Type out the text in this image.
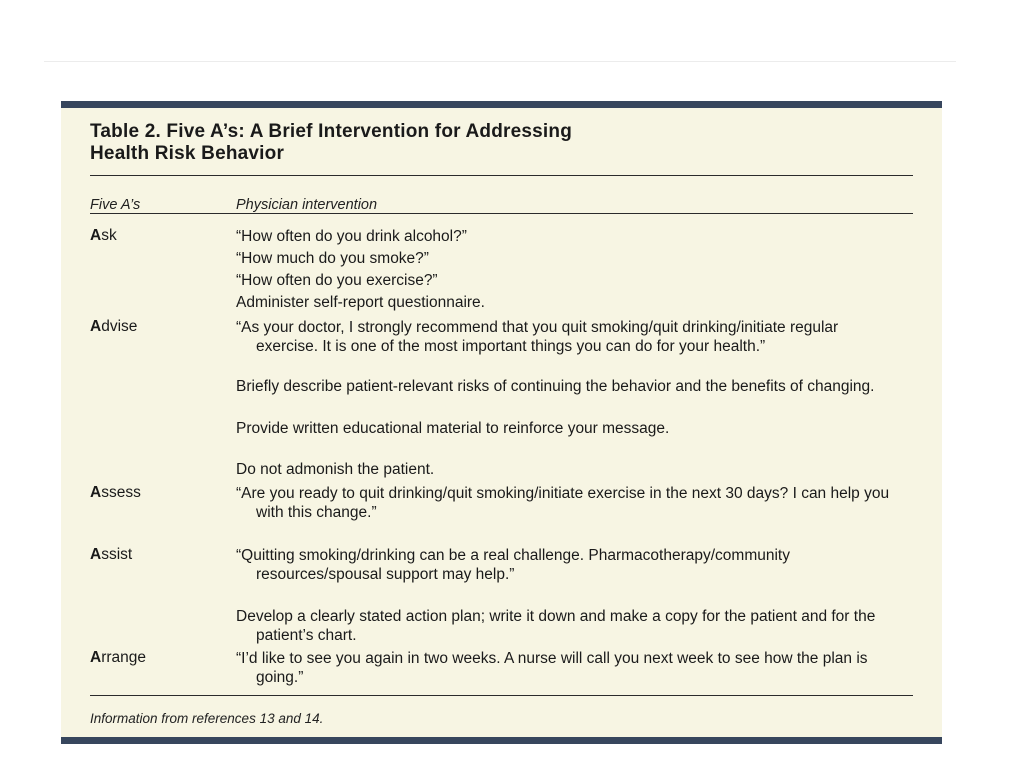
Table 2. Five A’s: A Brief Intervention for Addressing
Health Risk Behavior
Five A’s	Physician intervention
Ask	“How often do you drink alcohol?”
“How much do you smoke?”
“How often do you exercise?”
Administer self-report questionnaire.
Advise	“As your doctor, I strongly recommend that you quit smoking/quit drinking/initiate regular exercise. It is one of the most important things you can do for your health.”
Briefly describe patient-relevant risks of continuing the behavior and the benefits of changing.
Provide written educational material to reinforce your message.
Do not admonish the patient.
Assess	“Are you ready to quit drinking/quit smoking/initiate exercise in the next 30 days? I can help you with this change.”
Assist	“Quitting smoking/drinking can be a real challenge. Pharmacotherapy/community resources/spousal support may help.”
Develop a clearly stated action plan; write it down and make a copy for the patient and for the patient’s chart.
Arrange	“I’d like to see you again in two weeks. A nurse will call you next week to see how the plan is going.”
Information from references 13 and 14.
